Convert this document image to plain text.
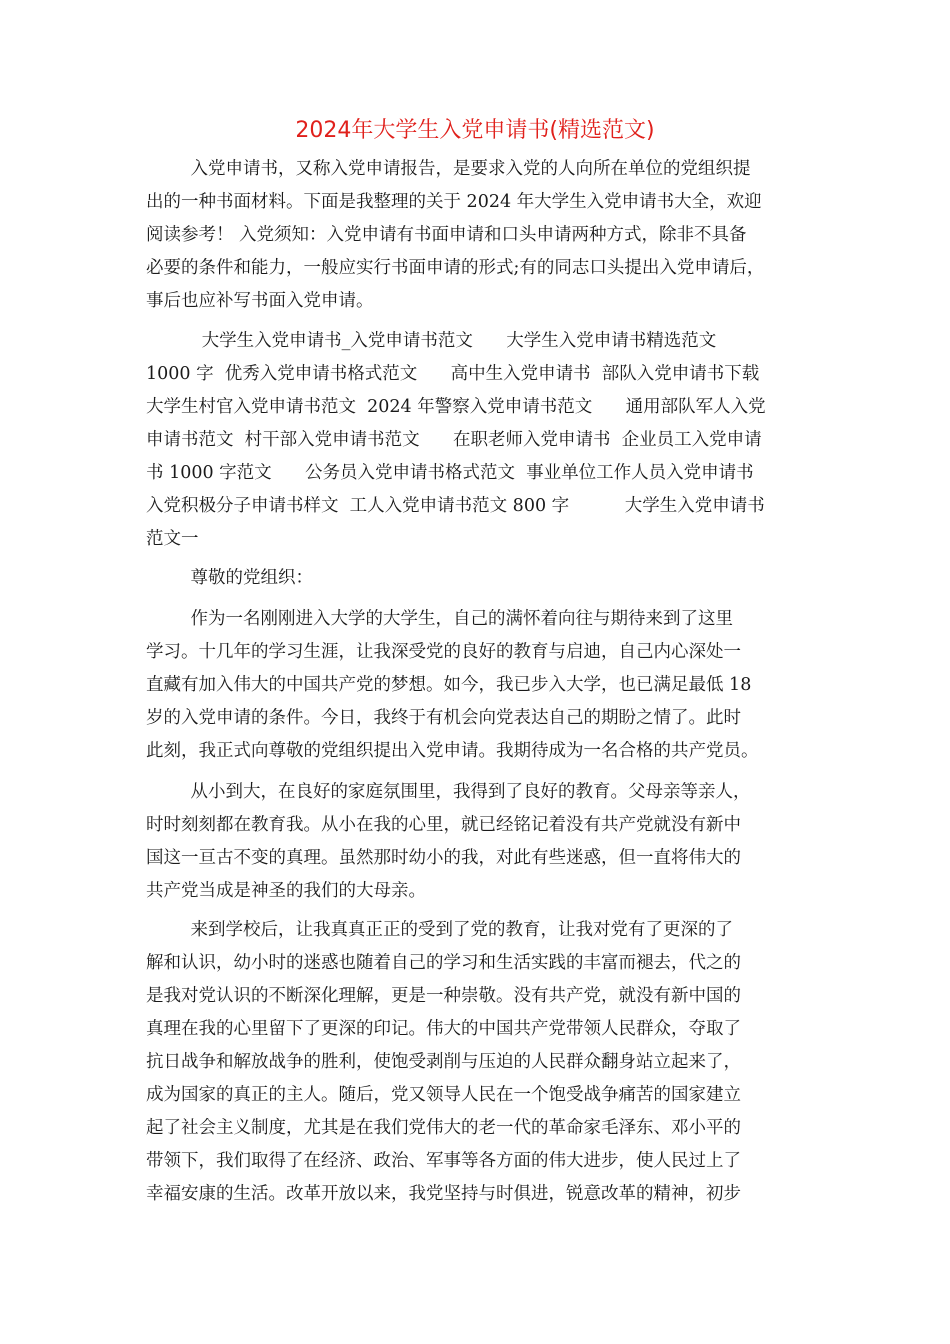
2024年大学生入党申请书(精选范文)
入党申请书，又称入党申请报告，是要求入党的人向所在单位的党组织提
出的一种书面材料。下面是我整理的关于 2024 年大学生入党申请书大全，欢迎
阅读参考！ 入党须知：入党申请有书面申请和口头申请两种方式，除非不具备
必要的条件和能力，一般应实行书面申请的形式;有的同志口头提出入党申请后，
事后也应补写书面入党申请。
大学生入党申请书_入党申请书范文      大学生入党申请书精选范文
1000 字  优秀入党申请书格式范文      高中生入党申请书  部队入党申请书下载
大学生村官入党申请书范文  2024 年警察入党申请书范文      通用部队军人入党
申请书范文  村干部入党申请书范文      在职老师入党申请书  企业员工入党申请
书 1000 字范文      公务员入党申请书格式范文  事业单位工作人员入党申请书
入党积极分子申请书样文  工人入党申请书范文 800 字          大学生入党申请书
范文一
尊敬的党组织：
作为一名刚刚进入大学的大学生，自己的满怀着向往与期待来到了这里
学习。十几年的学习生涯，让我深受党的良好的教育与启迪，自己内心深处一
直藏有加入伟大的中国共产党的梦想。如今，我已步入大学，也已满足最低 18
岁的入党申请的条件。今日，我终于有机会向党表达自己的期盼之情了。此时
此刻，我正式向尊敬的党组织提出入党申请。我期待成为一名合格的共产党员。
从小到大，在良好的家庭氛围里，我得到了良好的教育。父母亲等亲人，
时时刻刻都在教育我。从小在我的心里，就已经铭记着没有共产党就没有新中
国这一亘古不变的真理。虽然那时幼小的我，对此有些迷惑，但一直将伟大的
共产党当成是神圣的我们的大母亲。
来到学校后，让我真真正正的受到了党的教育，让我对党有了更深的了
解和认识，幼小时的迷惑也随着自己的学习和生活实践的丰富而褪去，代之的
是我对党认识的不断深化理解，更是一种崇敬。没有共产党，就没有新中国的
真理在我的心里留下了更深的印记。伟大的中国共产党带领人民群众，夺取了
抗日战争和解放战争的胜利，使饱受剥削与压迫的人民群众翻身站立起来了，
成为国家的真正的主人。随后，党又领导人民在一个饱受战争痛苦的国家建立
起了社会主义制度，尤其是在我们党伟大的老一代的革命家毛泽东、邓小平的
带领下，我们取得了在经济、政治、军事等各方面的伟大进步，使人民过上了
幸福安康的生活。改革开放以来，我党坚持与时俱进，锐意改革的精神，初步
